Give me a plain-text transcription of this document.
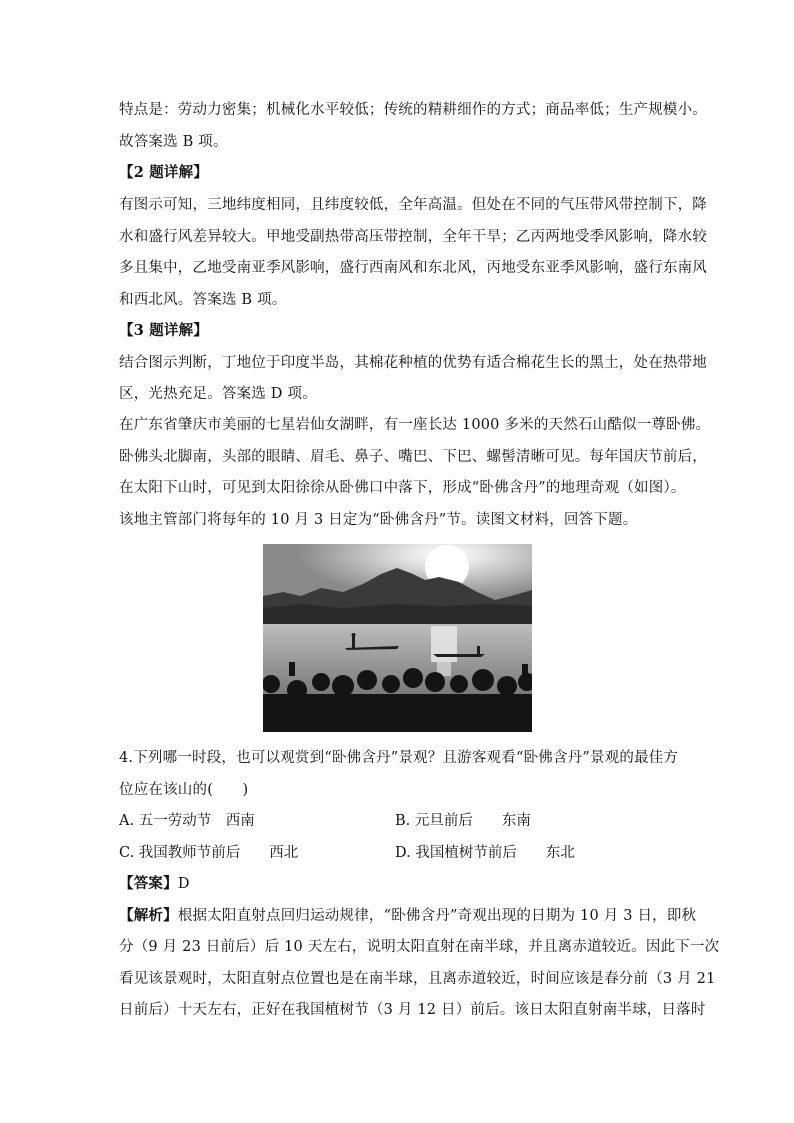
特点是：劳动力密集；机械化水平较低；传统的精耕细作的方式；商品率低；生产规模小。
故答案选 B 项。
【2 题详解】
有图示可知，三地纬度相同，且纬度较低，全年高温。但处在不同的气压带风带控制下，降
水和盛行风差异较大。甲地受副热带高压带控制，全年干旱；乙丙两地受季风影响，降水较
多且集中，乙地受南亚季风影响，盛行西南风和东北风，丙地受东亚季风影响，盛行东南风
和西北风。答案选 B 项。
【3 题详解】
结合图示判断，丁地位于印度半岛，其棉花种植的优势有适合棉花生长的黑土，处在热带地
区，光热充足。答案选 D 项。
在广东省肇庆市美丽的七星岩仙女湖畔，有一座长达 1000 多米的天然石山酷似一尊卧佛。
卧佛头北脚南，头部的眼睛、眉毛、鼻子、嘴巴、下巴、螺髻清晰可见。每年国庆节前后，
在太阳下山时，可见到太阳徐徐从卧佛口中落下，形成“卧佛含丹”的地理奇观（如图）。
该地主管部门将每年的 10 月 3 日定为“卧佛含丹”节。读图文材料，回答下题。
4.下列哪一时段，也可以观赏到“卧佛含丹”景观？且游客观看“卧佛含丹”景观的最佳方
位应在该山的(　　)
A. 五一劳动节　西南	B. 元旦前后　　东南
C. 我国教师节前后　　西北	D. 我国植树节前后　　东北
【答案】D
【解析】根据太阳直射点回归运动规律，“卧佛含丹”奇观出现的日期为 10 月 3 日，即秋
分（9 月 23 日前后）后 10 天左右，说明太阳直射在南半球，并且离赤道较近。因此下一次
看见该景观时，太阳直射点位置也是在南半球，且离赤道较近，时间应该是春分前（3 月 21
日前后）十天左右，正好在我国植树节（3 月 12 日）前后。该日太阳直射南半球，日落时
